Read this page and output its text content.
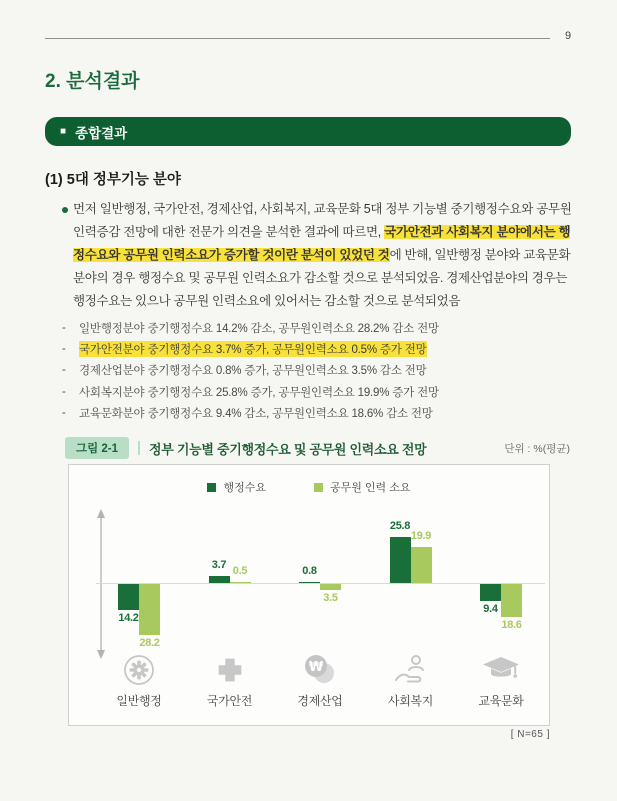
9
2. 분석결과
■ 종합결과
(1) 5대 정부기능 분야

먼저 일반행정, 국가안전, 경제산업, 사회복지, 교육문화 5대 정부 기능별 중기행정수요와 공무원 인력증감 전망에 대한 전문가 의견을 분석한 결과에 따르면, 국가안전과 사회복지 분야에서는 행정수요와 공무원 인력소요가 증가할 것이란 분석이 있었던 것에 반해, 일반행정 분야와 교육문화 분야의 경우 행정수요 및 공무원 인력소요가 감소할 것으로 분석되었음. 경제산업분야의 경우는 행정수요는 있으나 공무원 인력소요에 있어서는 감소할 것으로 분석되었음

-	일반행정분야 중기행정수요 14.2% 감소, 공무원인력소요 28.2% 감소 전망
-	국가안전분야 중기행정수요 3.7% 증가, 공무원인력소요 0.5% 증가 전망
-	경제산업분야 중기행정수요 0.8% 증가, 공무원인력소요 3.5% 감소 전망
-	사회복지분야 중기행정수요 25.8% 증가, 공무원인력소요 19.9% 증가 전망
-	교육문화분야 중기행정수요 9.4% 감소, 공무원인력소요 18.6% 감소 전망
그림 2-1	정부 기능별 중기행정수요 및 공무원 인력소요 전망	단위 : %(평균)
행정수요	공무원 인력 소요
14.2
3.7	0.8
25.8
9.4
28.2
0.5
3.5
19.9
18.6
일반행정	국가안전
₩
경제산업	사회복지	교육문화
[ N=65 ]
